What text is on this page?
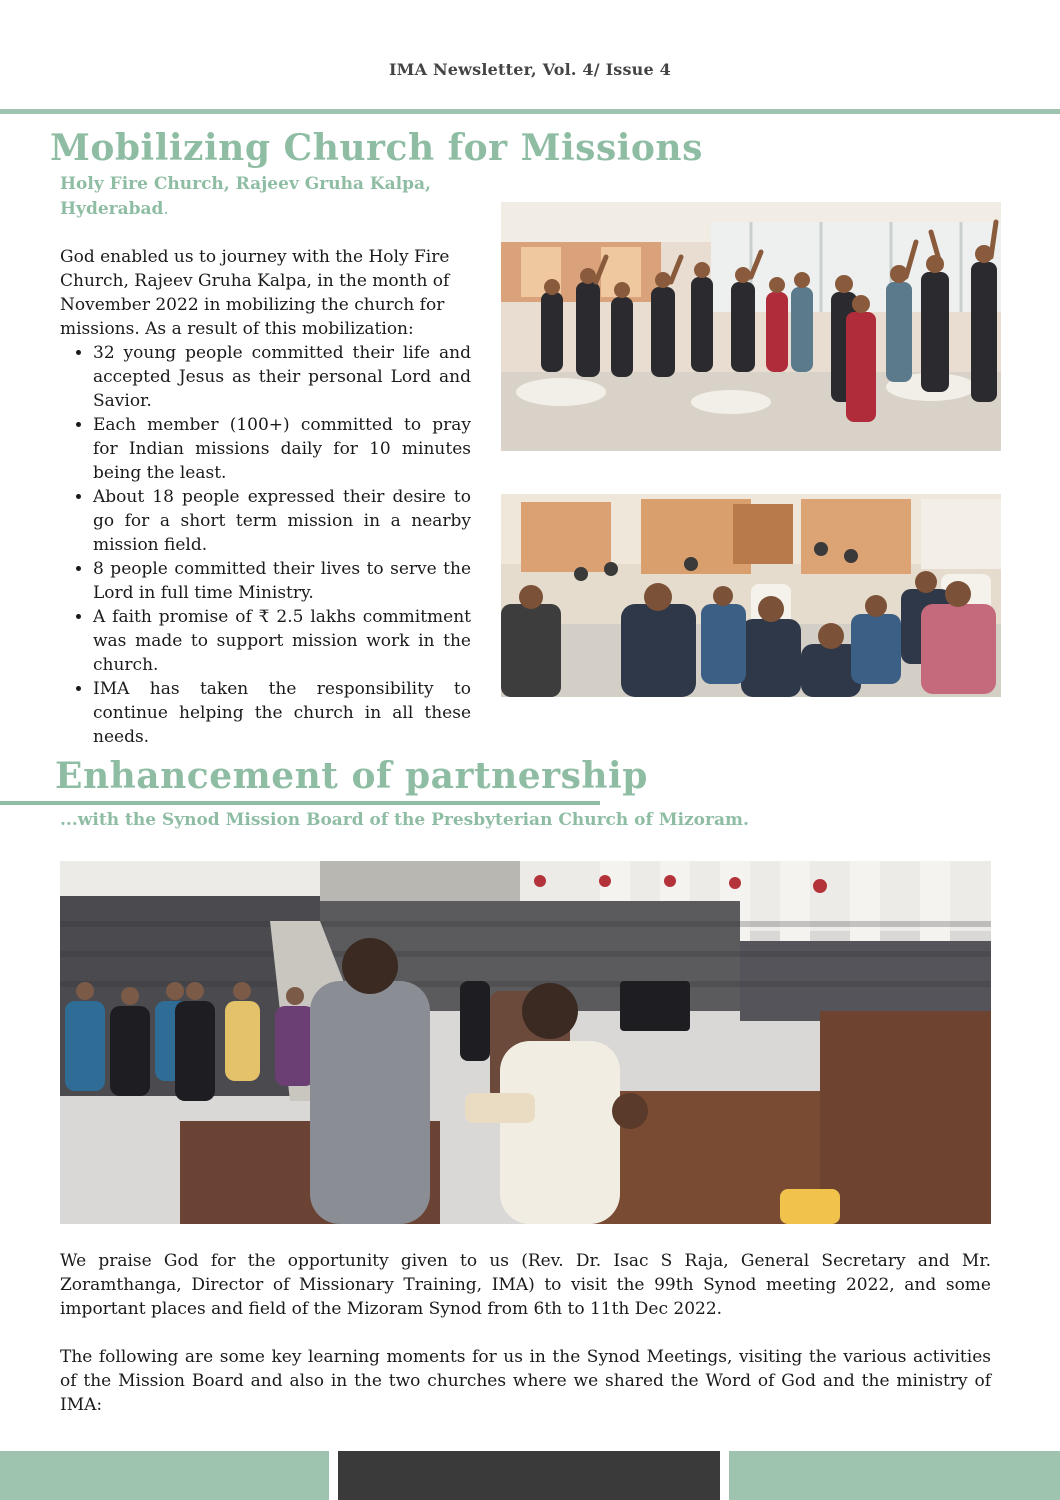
IMA Newsletter, Vol. 4/ Issue 4
Mobilizing Church for Missions
Holy Fire Church, Rajeev Gruha Kalpa,
Hyderabad.
God enabled us to journey with the Holy Fire Church, Rajeev Gruha Kalpa, in the month of November 2022 in mobilizing the church for missions. As a result of this mobilization:
• 32 young people committed their life and accepted Jesus as their personal Lord and Savior.
• Each member (100+) committed to pray for Indian missions daily for 10 minutes being the least.
• About 18 people expressed their desire to go for a short term mission in a nearby mission field.
• 8 people committed their lives to serve the Lord in full time Ministry.
• A faith promise of ₹ 2.5 lakhs commitment was made to support mission work in the church.
• IMA has taken the responsibility to continue helping the church in all these needs.
Enhancement of partnership
...with the Synod Mission Board of the Presbyterian Church of Mizoram.
We praise God for the opportunity given to us (Rev. Dr. Isac S Raja, General Secretary and Mr. Zoramthanga, Director of Missionary Training, IMA) to visit the 99th Synod meeting 2022, and some important places and field of the Mizoram Synod from 6th to 11th Dec 2022.
The following are some key learning moments for us in the Synod Meetings, visiting the various activities of the Mission Board and also in the two churches where we shared the Word of God and the ministry of IMA:
